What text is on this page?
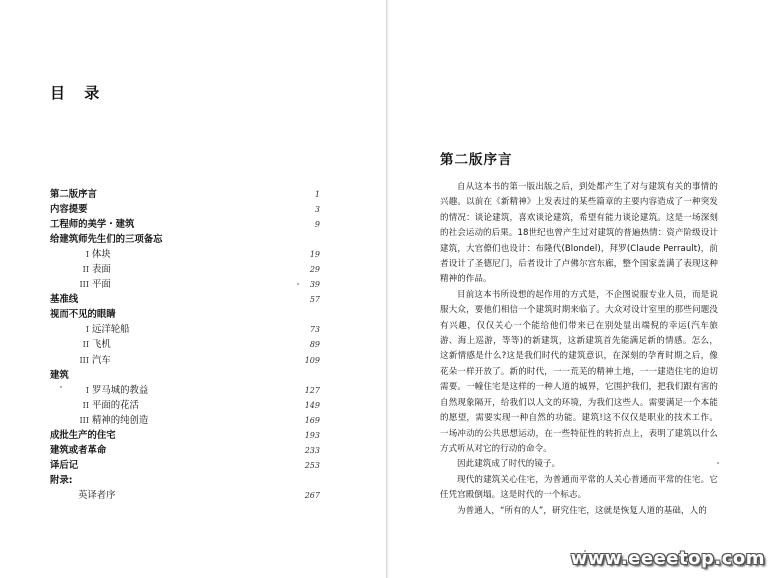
目 录
第二版序言	1
内容提要	3
工程师的美学・建筑	9
给建筑师先生们的三项备忘
I 体块	19
II 表面	29
III 平面	39
基准线	57
视而不见的眼睛
I 远洋轮船	73
II 飞机	89
III 汽车	109
建筑
I 罗马城的教益	127
II 平面的花活	149
III 精神的纯创造	169
成批生产的住宅	193
建筑或者革命	233
译后记	253
附录:
英译者序	267
第二版序言

自从这本书的第一版出版之后，到处都产生了对与建筑有关的事情的兴趣。以前在《新精神》上发表过的某些篇章的主要内容造成了一种突发的情况：谈论建筑，喜欢谈论建筑，希望有能力谈论建筑。这是一场深刻的社会运动的后果。18世纪也曾产生过对建筑的普遍热情：资产阶级设计建筑，大官僚们也设计：布隆代(Blondel)，拜罗(Claude Perrault)，前者设计了圣德尼门，后者设计了卢佛尔宫东廊，整个国家盖满了表现这种精神的作品。

目前这本书所设想的起作用的方式是，不企图说服专业人员，而是说服大众，要他们相信一个建筑时期来临了。大众对设计室里的那些问题没有兴趣，仅仅关心一个能给他们带来已在别处显出端倪的幸运(汽车旅游、海上巡游，等等)的新建筑，这新建筑首先能满足新的情感。怎么，这新情感是什么?这是我们时代的建筑意识，在深刻的孕育时期之后，像花朵一样开放了。新的时代，一一荒芜的精神土地，一一建造住宅的迫切需要。一幢住宅是这样的一种人道的城界，它围护我们，把我们跟有害的自然现象隔开，给我们以人文的环境，为我们这些人。需要满足一个本能的愿望，需要实现一种自然的功能。建筑!这不仅仅是职业的技术工作。一场冲动的公共思想运动，在一些特征性的转折点上，表明了建筑以什么方式听从对它的行动的命令。

因此建筑成了时代的镜子。

现代的建筑关心住宅，为普通而平常的人关心普通而平常的住宅。它任凭宫殿倒塌。这是时代的一个标志。

为普通人，“所有的人”，研究住宅，这就是恢复人道的基础，人的

www.eeeetop.com
